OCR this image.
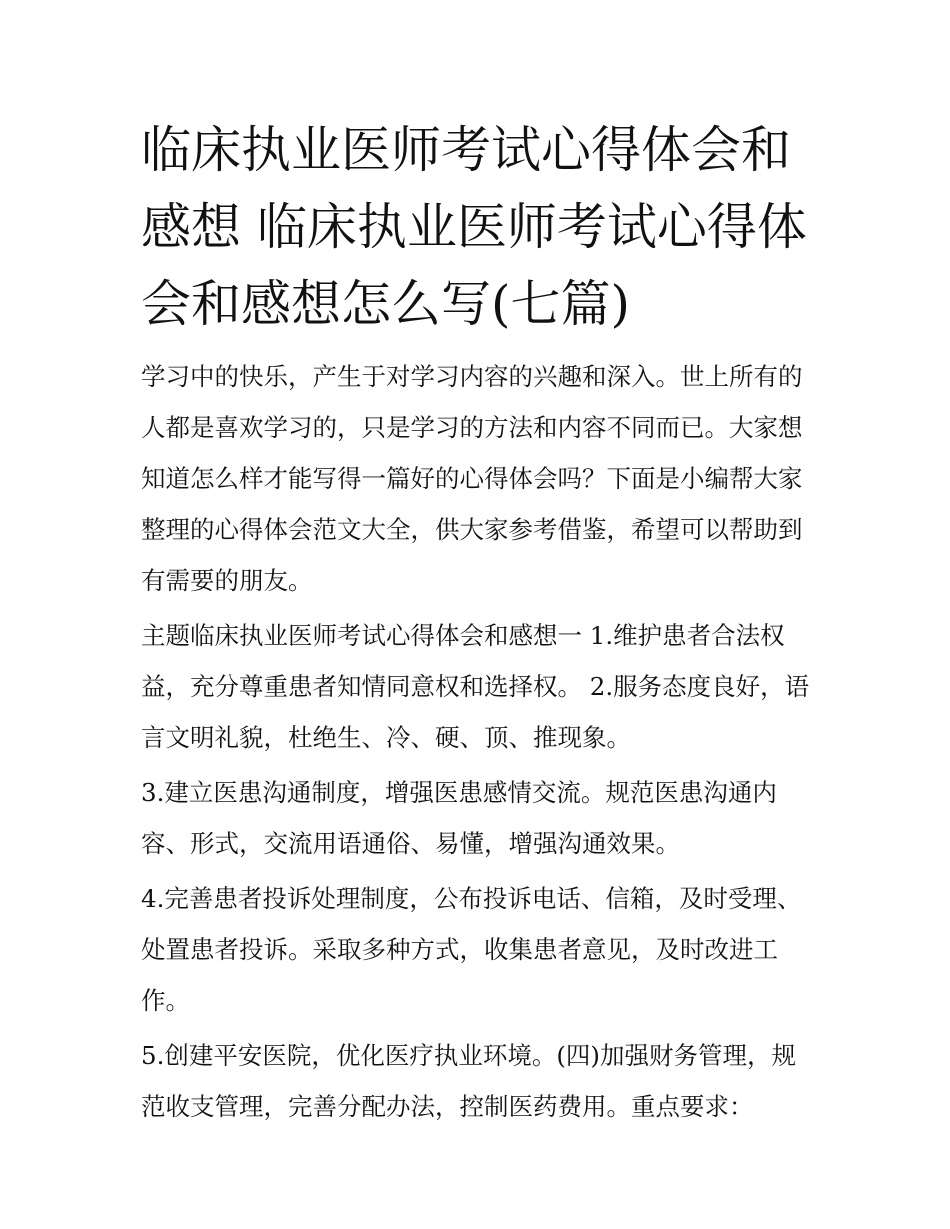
临床执业医师考试心得体会和感想 临床执业医师考试心得体会和感想怎么写(七篇)

学习中的快乐，产生于对学习内容的兴趣和深入。世上所有的人都是喜欢学习的，只是学习的方法和内容不同而已。大家想知道怎么样才能写得一篇好的心得体会吗？下面是小编帮大家整理的心得体会范文大全，供大家参考借鉴，希望可以帮助到有需要的朋友。

主题临床执业医师考试心得体会和感想一 1.维护患者合法权益，充分尊重患者知情同意权和选择权。 2.服务态度良好，语言文明礼貌，杜绝生、冷、硬、顶、推现象。

3.建立医患沟通制度，增强医患感情交流。规范医患沟通内容、形式，交流用语通俗、易懂，增强沟通效果。

4.完善患者投诉处理制度，公布投诉电话、信箱，及时受理、处置患者投诉。采取多种方式，收集患者意见，及时改进工作。

5.创建平安医院，优化医疗执业环境。(四)加强财务管理，规范收支管理，完善分配办法，控制医药费用。重点要求：
